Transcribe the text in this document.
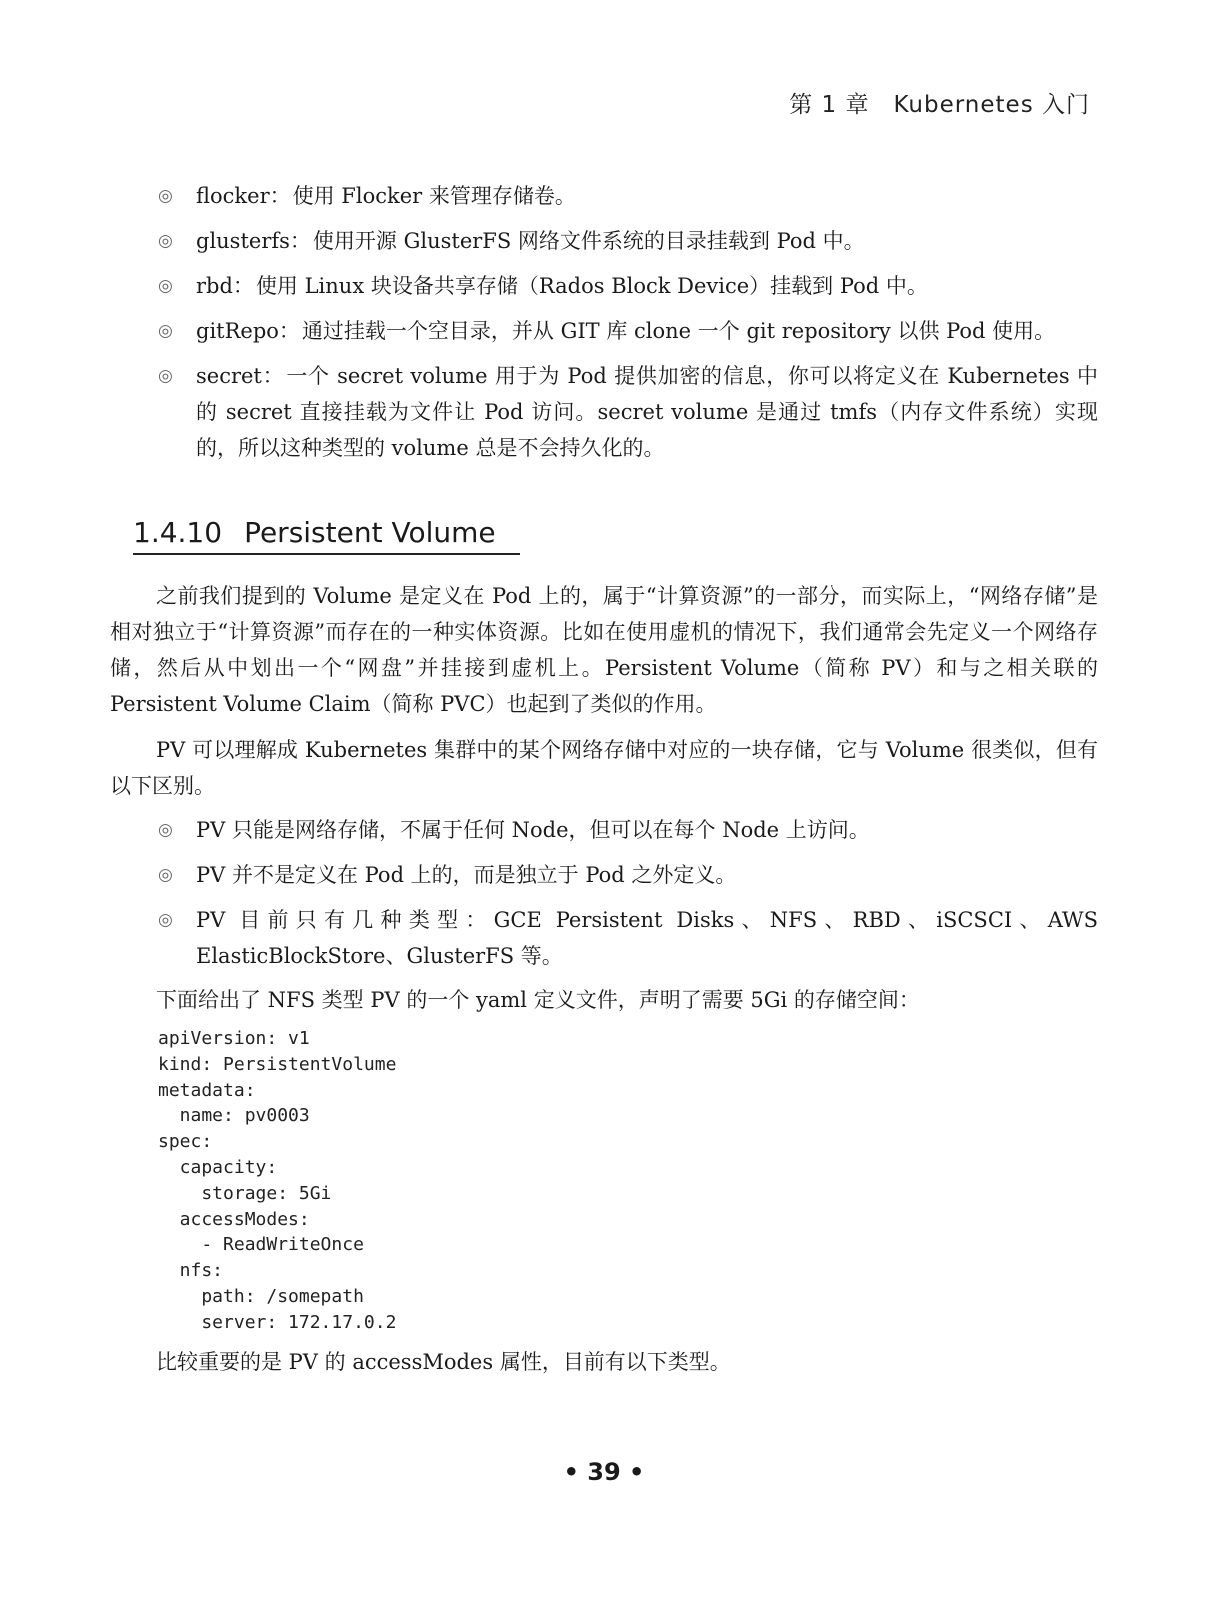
第 1 章　Kubernetes 入门
◎	flocker：使用 Flocker 来管理存储卷。
◎	glusterfs：使用开源 GlusterFS 网络文件系统的目录挂载到 Pod 中。
◎	rbd：使用 Linux 块设备共享存储（Rados Block Device）挂载到 Pod 中。
◎	gitRepo：通过挂载一个空目录，并从 GIT 库 clone 一个 git repository 以供 Pod 使用。
◎	secret：一个 secret volume 用于为 Pod 提供加密的信息，你可以将定义在 Kubernetes 中的 secret 直接挂载为文件让 Pod 访问。secret volume 是通过 tmfs（内存文件系统）实现的，所以这种类型的 volume 总是不会持久化的。
1.4.10 Persistent Volume

之前我们提到的 Volume 是定义在 Pod 上的，属于“计算资源”的一部分，而实际上，“网络存储”是相对独立于“计算资源”而存在的一种实体资源。比如在使用虚机的情况下，我们通常会先定义一个网络存储，然后从中划出一个“网盘”并挂接到虚机上。Persistent Volume（简称 PV）和与之相关联的 Persistent Volume Claim（简称 PVC）也起到了类似的作用。

PV 可以理解成 Kubernetes 集群中的某个网络存储中对应的一块存储，它与 Volume 很类似，但有以下区别。

◎	PV 只能是网络存储，不属于任何 Node，但可以在每个 Node 上访问。
◎	PV 并不是定义在 Pod 上的，而是独立于 Pod 之外定义。
◎	PV 目前只有几种类型：GCE Persistent Disks、NFS、RBD、iSCSCI、AWS ElasticBlockStore、GlusterFS 等。

下面给出了 NFS 类型 PV 的一个 yaml 定义文件，声明了需要 5Gi 的存储空间：

apiVersion: v1
kind: PersistentVolume
metadata:
name: pv0003
spec:
capacity:
storage: 5Gi
accessModes:
- ReadWriteOnce
nfs:
path: /somepath
server: 172.17.0.2

比较重要的是 PV 的 accessModes 属性，目前有以下类型。

• 39 •
